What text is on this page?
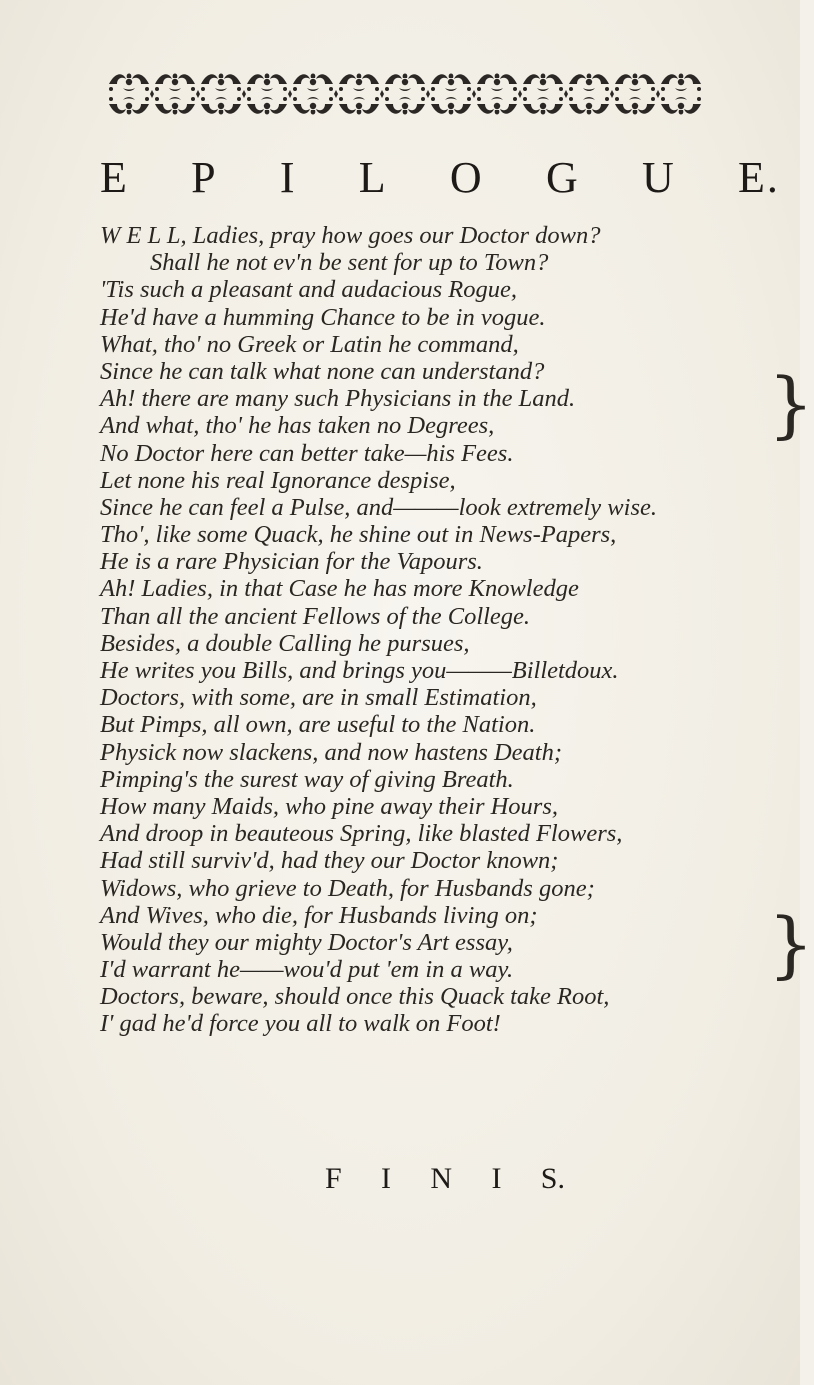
E P I L O G U E.
W E L L, Ladies, pray how goes our Doctor down?
Shall he not ev'n be sent for up to Town?
'Tis such a pleasant and audacious Rogue,
He'd have a humming Chance to be in vogue.
What, tho' no Greek or Latin he command,
Since he can talk what none can understand?
Ah! there are many such Physicians in the Land.
And what, tho' he has taken no Degrees,
No Doctor here can better take—his Fees.
Let none his real Ignorance despise,
Since he can feel a Pulse, and———look extremely wise.
Tho', like some Quack, he shine out in News-Papers,
He is a rare Physician for the Vapours.
Ah! Ladies, in that Case he has more Knowledge
Than all the ancient Fellows of the College.
Besides, a double Calling he pursues,
He writes you Bills, and brings you———Billetdoux.
Doctors, with some, are in small Estimation,
But Pimps, all own, are useful to the Nation.
Physick now slackens, and now hastens Death;
Pimping's the surest way of giving Breath.
How many Maids, who pine away their Hours,
And droop in beauteous Spring, like blasted Flowers,
Had still surviv'd, had they our Doctor known;
Widows, who grieve to Death, for Husbands gone;
And Wives, who die, for Husbands living on;
Would they our mighty Doctor's Art essay,
I'd warrant he——wou'd put 'em in a way.
Doctors, beware, should once this Quack take Root,
I' gad he'd force you all to walk on Foot!
}
}
F I N I S.
